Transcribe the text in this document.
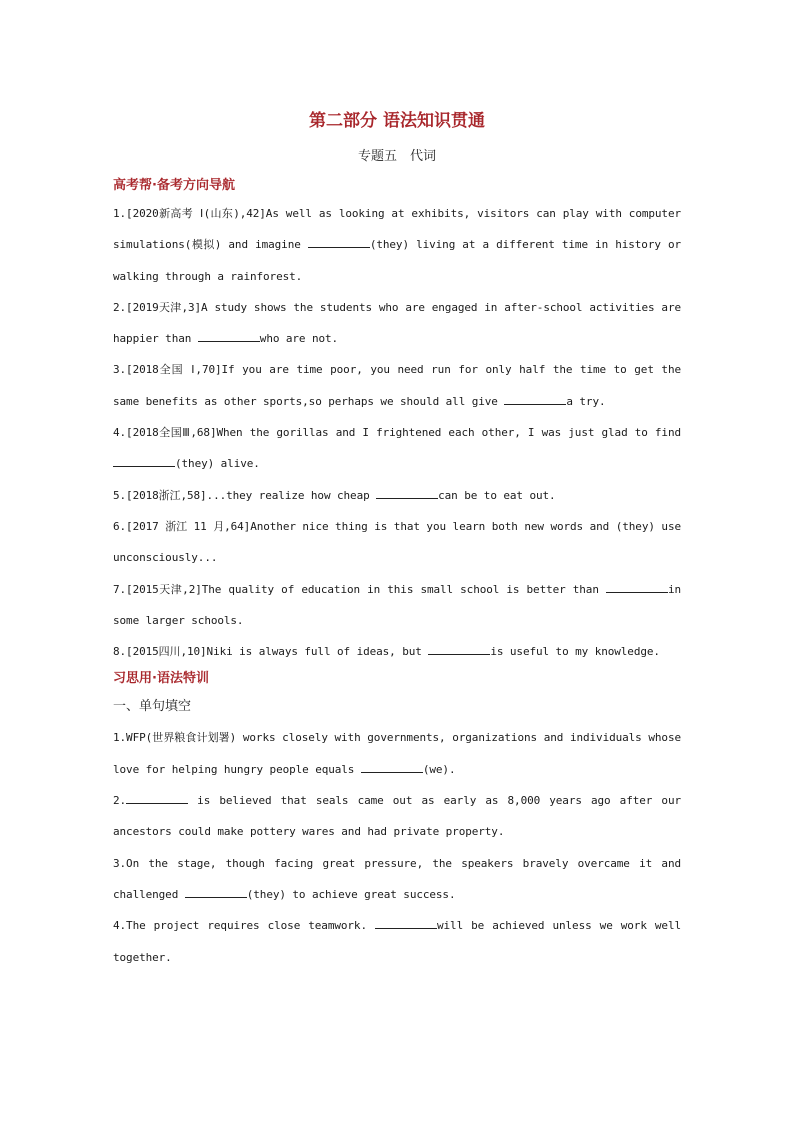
第二部分 语法知识贯通
专题五　代词
高考帮·备考方向导航
1.[2020新高考 Ⅰ(山东),42]As well as looking at exhibits, visitors can play with computer simulations(模拟) and imagine	(they) living at a different time in history or walking through a rainforest.
2.[2019天津,3]A study shows the students who are engaged in after-school activities are happier than	who are not.
3.[2018全国 Ⅰ,70]If you are time poor, you need run for only half the time to get the same benefits as other sports,so perhaps we should all give	a try.
4.[2018全国Ⅲ,68]When the gorillas and I frightened each other, I was just glad to find (they) alive.
5.[2018浙江,58]...they realize how cheap	can be to eat out.
6.[2017 浙江 11 月,64]Another nice thing is that you learn both new words and (they) use unconsciously...
7.[2015天津,2]The quality of education in this small school is better than	in some larger schools.
8.[2015四川,10]Niki is always full of ideas, but	is useful to my knowledge.
习思用·语法特训
一、单句填空
1.WFP(世界粮食计划署) works closely with governments, organizations and individuals whose love for helping hungry people equals	(we).
2.	is believed that seals came out as early as 8,000 years ago after our ancestors could make pottery wares and had private property.
3.On the stage, though facing great pressure, the speakers bravely overcame it and challenged	(they) to achieve great success.
4.The project requires close teamwork.	will be achieved unless we work well together.
